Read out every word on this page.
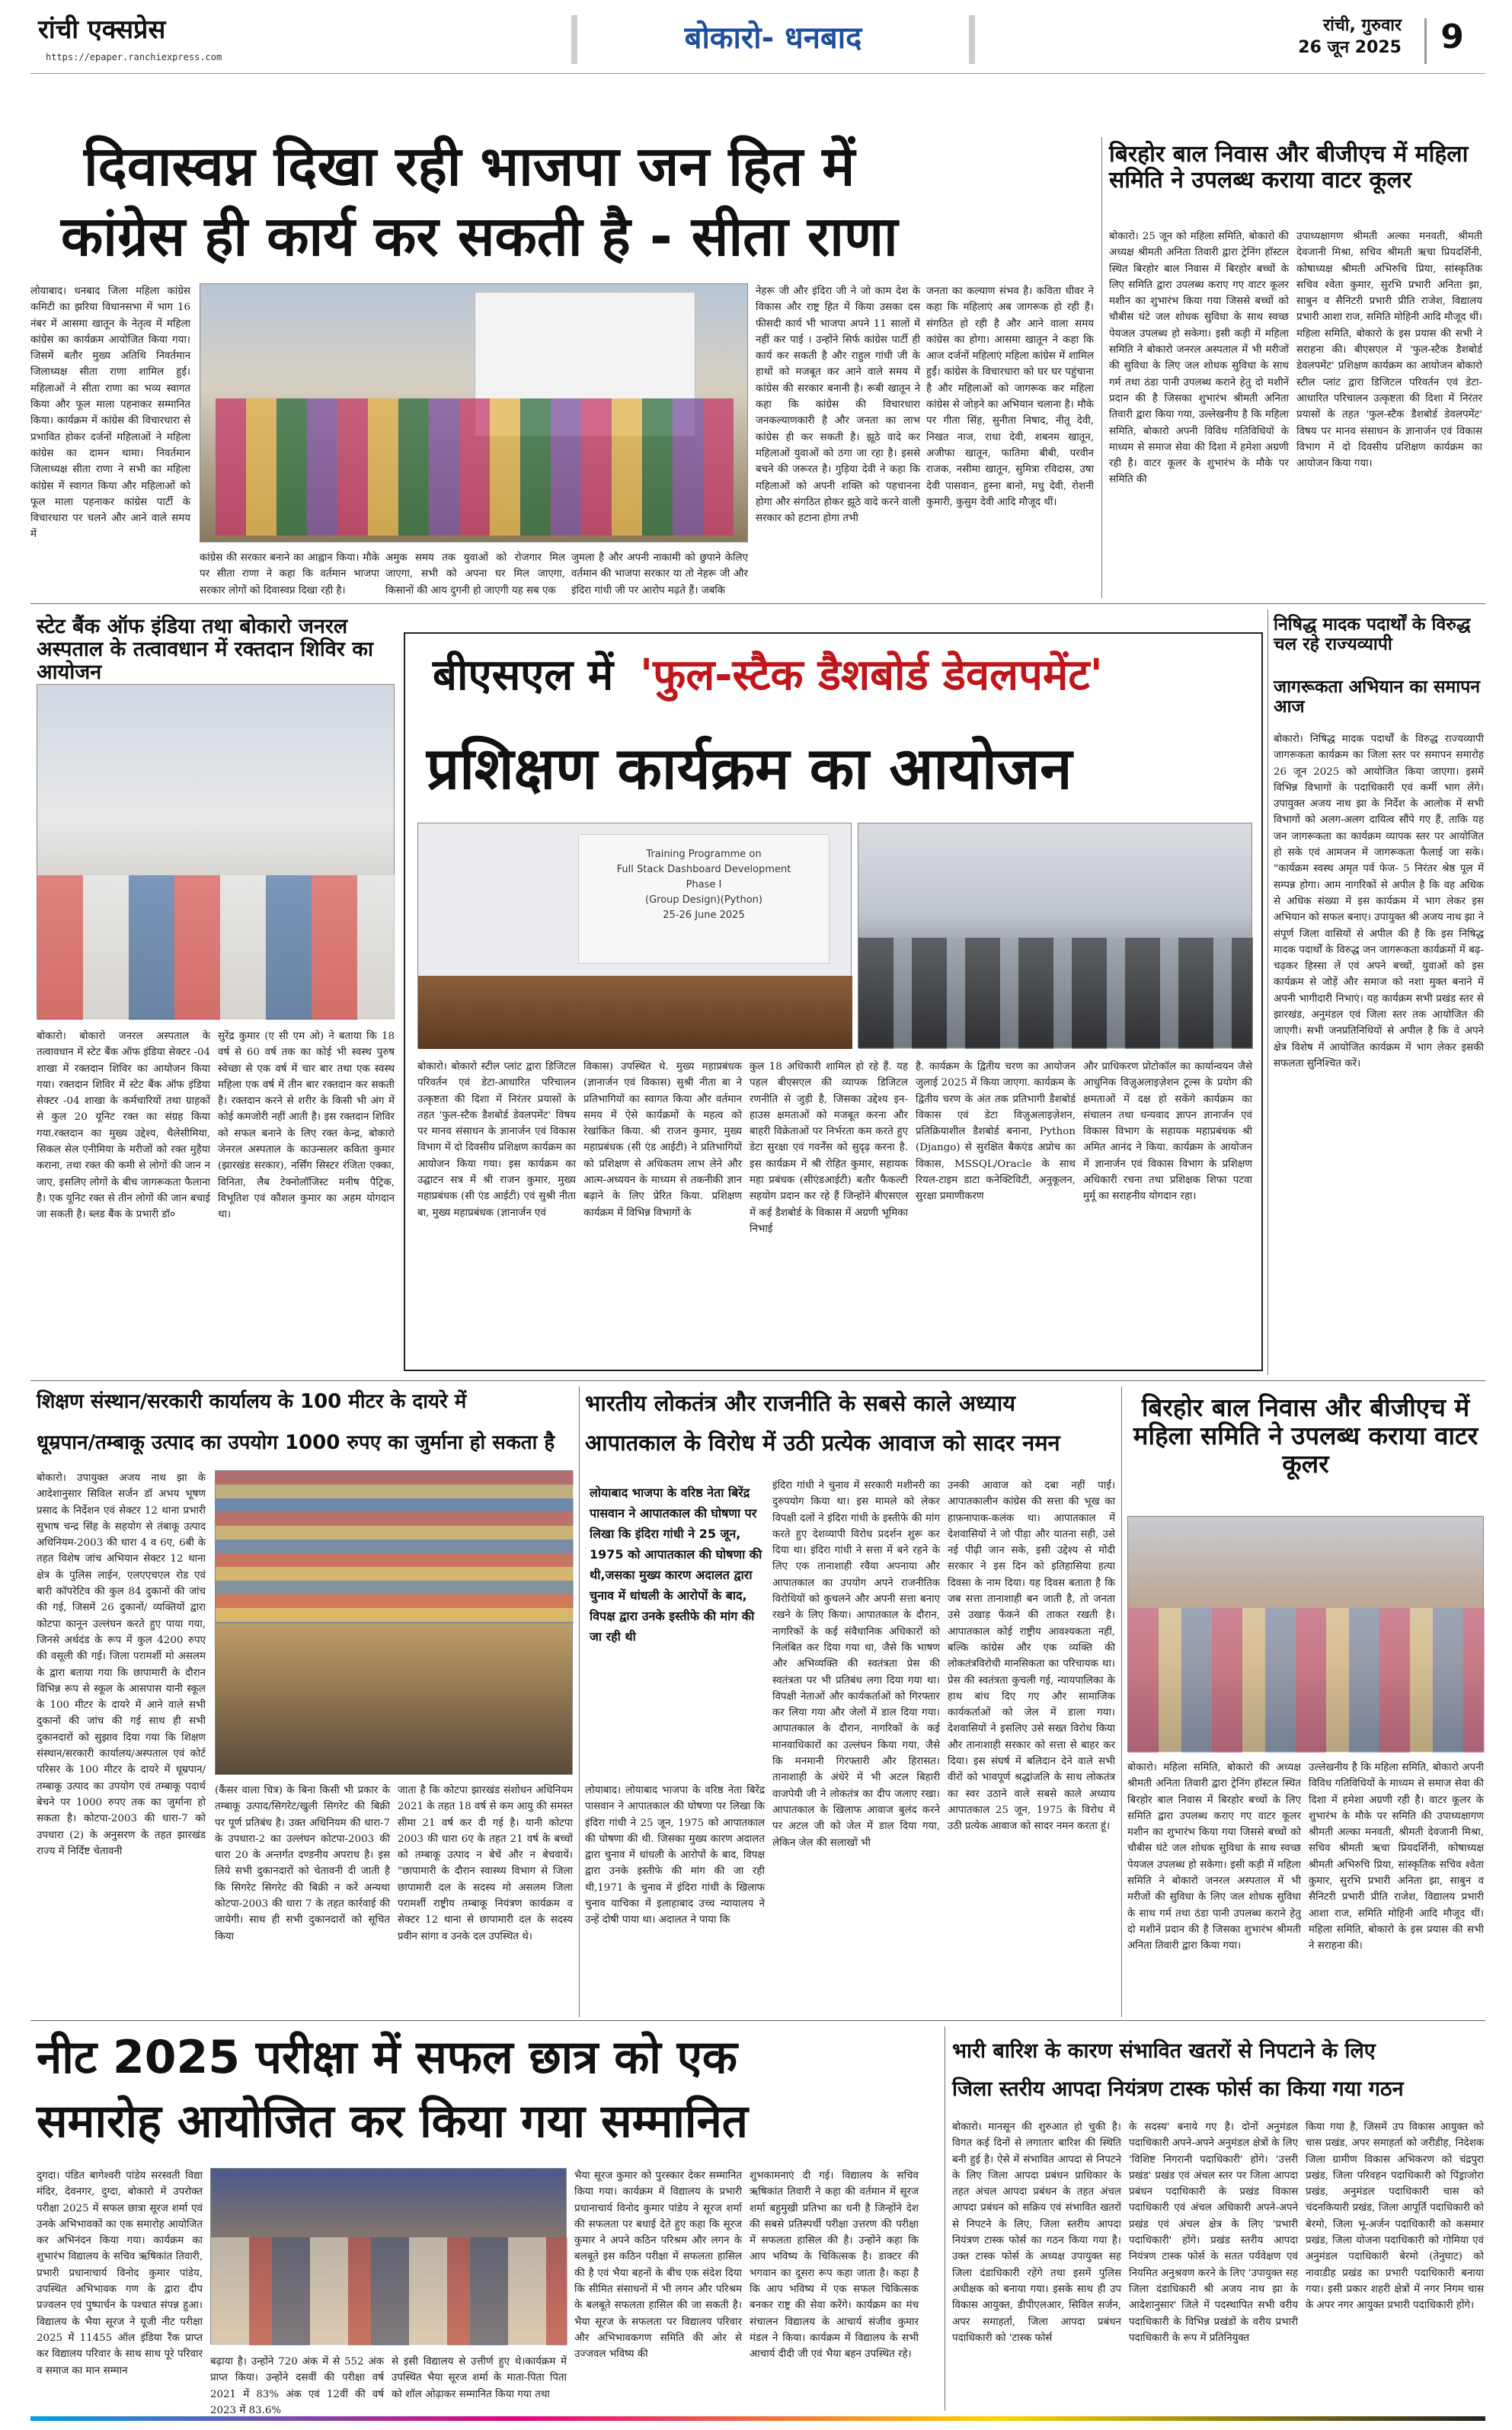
रांची एक्सप्रेस
https://epaper.ranchiexpress.com
बोकारो- धनबाद	रांची, गुरुवार
26 जून 2025	9
दिवास्वप्न दिखा रही भाजपा जन हित में
कांग्रेस ही कार्य कर सकती है - सीता राणा
लोयाबाद। धनबाद जिला महिला कांग्रेस कमिटी का झरिया विधानसभा में भाग 16 नंबर में आसमा खातून के नेतृत्व में महिला कांग्रेस का कार्यक्रम आयोजित किया गया। जिसमें बतौर मुख्य अतिथि निवर्तमान जिलाध्यक्ष सीता राणा शामिल हुई। महिलाओं ने सीता राणा का भव्य स्वागत किया और फूल माला पहनाकर सम्मानित किया। कार्यक्रम में कांग्रेस की विचारधारा से प्रभावित होकर दर्जनों महिलाओं ने महिला कांग्रेस का दामन थामा। निवर्तमान जिलाध्यक्ष सीता राणा ने सभी का महिला कांग्रेस में स्वागत किया और महिलाओं को फूल माला पहनाकर कांग्रेस पार्टी के विचारधारा पर चलने और आने वाले समय में
कांग्रेस की सरकार बनाने का आह्वान किया। मौके पर सीता राणा ने कहा कि वर्तमान भाजपा सरकार लोगों को दिवास्वप्न दिखा रही है।
अमुक समय तक युवाओं को रोजगार मिल जाएगा, सभी को अपना घर मिल जाएगा, किसानों की आय दुगनी हो जाएगी यह सब एक
जुमला है और अपनी नाकामी को छुपाने केलिए वर्तमान की भाजपा सरकार या तो नेहरू जी और इंदिरा गांधी जी पर आरोप मढ़ते हैं। जबकि
नेहरू जी और इंदिरा जी ने जो काम देश के विकास और राष्ट्र हित में किया उसका दस फीसदी कार्य भी भाजपा अपने 11 सालों में नहीं कर पाई । उन्होंने सिर्फ कांग्रेस पार्टी ही कार्य कर सकती है और राहुल गांधी जी के हाथों को मजबूत कर आने वाले समय में कांग्रेस की सरकार बनानी है। रूबी खातून ने कहा कि कांग्रेस की विचारधारा जनकल्याणकारी है और जनता का लाभ कांग्रेस ही कर सकती है। झूठे वादे कर महिलाओं युवाओं को ठगा जा रहा है। इससे बचने की जरूरत है। गुड़िया देवी ने कहा कि महिलाओं को अपनी शक्ति को पहचानना होगा और संगठित होकर झूठे वादे करने वाली सरकार को हटाना होगा तभी
जनता का कल्याण संभव है। कविता धीवर ने कहा कि महिलाएं अब जागरूक हो रही हैं। संगठित हो रही है और आने वाला समय कांग्रेस का होगा। आसमा खातून ने कहा कि आज दर्जनों महिलाएं महिला कांग्रेस में शामिल हुईं। कांग्रेस के विचारधारा को घर घर पहुंचाना है और महिलाओं को जागरूक कर महिला कांग्रेस से जोड़ने का अभियान चलाना है। मौके पर गीता सिंह, सुनीता निषाद, नीतू देवी, निखत नाज, राधा देवी, शबनम खातून, अजीफा खातून, फातिमा बीबी, परवीन राजक, नसीमा खातून, सुमित्रा रविदास, उषा देवी पासवान, हुस्ना बानो, मधु देवी, रोशनी कुमारी, कुसुम देवी आदि मौजूद थीं।
बिरहोर बाल निवास और बीजीएच में महिला समिति ने उपलब्ध कराया वाटर कूलर
बोकारो। 25 जून को महिला समिति, बोकारो की अध्यक्ष श्रीमती अनिता तिवारी द्वारा ट्रेनिंग हॉस्टल स्थित बिरहोर बाल निवास में बिरहोर बच्चों के लिए समिति द्वारा उपलब्ध कराए गए वाटर कूलर मशीन का शुभारंभ किया गया जिससे बच्चों को चौबीस घंटे जल शोधक सुविधा के साथ स्वच्छ पेयजल उपलब्ध हो सकेगा। इसी कड़ी में महिला समिति ने बोकारो जनरल अस्पताल में भी मरीजों की सुविधा के लिए जल शोधक सुविधा के साथ गर्म तथा ठंडा पानी उपलब्ध कराने हेतु दो मशीनें प्रदान की है जिसका शुभारंभ श्रीमती अनिता तिवारी द्वारा किया गया, उल्लेखनीय है कि महिला समिति, बोकारो अपनी विविध गतिविधियों के माध्यम से समाज सेवा की दिशा में हमेशा अग्रणी रही है। वाटर कूलर के शुभारंभ के मौके पर समिति की
उपाध्यक्षागण श्रीमती अल्का मनवती, श्रीमती देवजानी मिश्रा, सचिव श्रीमती ऋचा प्रियदर्शिनी, कोषाध्यक्ष श्रीमती अभिरुचि प्रिया, सांस्कृतिक सचिव श्वेता कुमार, सुरभि प्रभारी अनिता झा, साबुन व सैनिटरी प्रभारी प्रीति राजेश, विद्यालय प्रभारी आशा राज, समिति मोहिनी आदि मौजूद थीं। महिला समिति, बोकारो के इस प्रयास की सभी ने सराहना की। बीएसएल में 'फुल-स्टैक डैशबोर्ड डेवलपमेंट' प्रशिक्षण कार्यक्रम का आयोजन बोकारो स्टील प्लांट द्वारा डिजिटल परिवर्तन एवं डेटा-आधारित परिचालन उत्कृष्टता की दिशा में निरंतर प्रयासों के तहत 'फुल-स्टैक डैशबोर्ड डेवलपमेंट' विषय पर मानव संसाधन के ज्ञानार्जन एवं विकास विभाग में दो दिवसीय प्रशिक्षण कार्यक्रम का आयोजन किया गया।
स्टेट बैंक ऑफ इंडिया तथा बोकारो जनरल अस्पताल के तत्वावधान में रक्तदान शिविर का आयोजन
बोकारो। बोकारो जनरल अस्पताल के तत्वावधान में स्टेट बैंक ऑफ इंडिया सेक्टर -04 शाखा में रक्तदान शिविर का आयोजन किया गया। रक्तदान शिविर में स्टेट बैंक ऑफ इंडिया सेक्टर -04 शाखा के कर्मचारियों तथा ग्राहकों से कुल 20 यूनिट रक्त का संग्रह किया गया.रक्तदान का मुख्य उद्देश्य, थैलेसीमिया, सिकल सेल एनीमिया के मरीजों को रक्त मुहैया कराना, तथा रक्त की कमी से लोगों की जान न जाए, इसलिए लोगों के बीच जागरूकता फैलाना है। एक यूनिट रक्त से तीन लोगों की जान बचाई जा सकती है। ब्लड बैंक के प्रभारी डॉ०
सुरेंद्र कुमार (ए सी एम ओ) ने बताया कि 18 वर्ष से 60 वर्ष तक का कोई भी स्वस्थ पुरुष स्वेच्छा से एक वर्ष में चार बार तथा एक स्वस्थ महिला एक वर्ष में तीन बार रक्तदान कर सकती है। रक्तदान करने से शरीर के किसी भी अंग में कोई कमजोरी नहीं आती है। इस रक्तदान शिविर को सफल बनाने के लिए रक्त केन्द्र, बोकारो जेनरल अस्पताल के काउन्सलर कविता कुमार (झारखंड सरकार), नर्सिंग सिस्टर रंजिता एक्का, विनिता, लैब टेक्नोलॉजिस्ट मनीष पैट्रिक, विभूतिश एवं कौशल कुमार का अहम योगदान था।
बीएसएल में 'फुल-स्टैक डैशबोर्ड डेवलपमेंट'
प्रशिक्षण कार्यक्रम का आयोजन
Training Programme on
Full Stack Dashboard Development
Phase I
(Group Design)(Python)
25-26 June 2025
बोकारो। बोकारो स्टील प्लांट द्वारा डिजिटल परिवर्तन एवं डेटा-आधारित परिचालन उत्कृष्टता की दिशा में निरंतर प्रयासों के तहत 'फुल-स्टैक डैशबोर्ड डेवलपमेंट' विषय पर मानव संसाधन के ज्ञानार्जन एवं विकास विभाग में दो दिवसीय प्रशिक्षण कार्यक्रम का आयोजन किया गया। इस कार्यक्रम का उद्घाटन सत्र में श्री राजन कुमार, मुख्य महाप्रबंधक (सी एंड आईटी) एवं सुश्री नीता बा, मुख्य महाप्रबंधक (ज्ञानार्जन एवं
विकास) उपस्थित थे. मुख्य महाप्रबंधक (ज्ञानार्जन एवं विकास) सुश्री नीता बा ने प्रतिभागियों का स्वागत किया और वर्तमान समय में ऐसे कार्यक्रमों के महत्व को रेखांकित किया. श्री राजन कुमार, मुख्य महाप्रबंधक (सी एंड आईटी) ने प्रतिभागियों को प्रशिक्षण से अधिकतम लाभ लेने और आत्म-अध्ययन के माध्यम से तकनीकी ज्ञान बढ़ाने के लिए प्रेरित किया. प्रशिक्षण कार्यक्रम में विभिन्न विभागों के
कुल 18 अधिकारी शामिल हो रहे हैं. यह पहल बीएसएल की व्यापक डिजिटल रणनीति से जुड़ी है, जिसका उद्देश्य इन-हाउस क्षमताओं को मजबूत करना और बाहरी विक्रेताओं पर निर्भरता कम करते हुए डेटा सुरक्षा एवं गवर्नेंस को सुदृढ़ करना है. इस कार्यक्रम में श्री रोहित कुमार, सहायक महा प्रबंधक (सीएंडआईटी) बतौर फैकल्टी सहयोग प्रदान कर रहे हैं जिन्होंने बीएसएल में कई डैशबोर्ड के विकास में अग्रणी भूमिका निभाई
है. कार्यक्रम के द्वितीय चरण का आयोजन जुलाई 2025 में किया जाएगा. कार्यक्रम के द्वितीय चरण के अंत तक प्रतिभागी डैशबोर्ड विकास एवं डेटा विज़ुअलाइज़ेशन, प्रतिक्रियाशील डैशबोर्ड बनाना, Python (Django) से सुरक्षित बैकएंड अप्रोच का विकास, MSSQL/Oracle के साथ रियल-टाइम डाटा कनेक्टिविटी, अनुकूलन, सुरक्षा प्रमाणीकरण
और प्राधिकरण प्रोटोकॉल का कार्यान्वयन जैसे आधुनिक विज़ुअलाइज़ेशन टूल्स के प्रयोग की क्षमताओं में दक्ष हो सकेंगे कार्यक्रम का संचालन तथा धन्यवाद ज्ञापन ज्ञानार्जन एवं विकास विभाग के सहायक महाप्रबंधक श्री अमित आनंद ने किया. कार्यक्रम के आयोजन में ज्ञानार्जन एवं विकास विभाग के प्रशिक्षण अधिकारी रचना तथा प्रशिक्षक शिफा पटवा मुर्मू का सराहनीय योगदान रहा।
निषिद्ध मादक पदार्थों के विरुद्ध चल रहे राज्यव्यापी
जागरूकता अभियान का समापन आज
बोकारो। निषिद्ध मादक पदार्थों के विरुद्ध राज्यव्यापी जागरूकता कार्यक्रम का जिला स्तर पर समापन समारोह 26 जून 2025 को आयोजित किया जाएगा। इसमें विभिन्न विभागों के पदाधिकारी एवं कर्मी भाग लेंगे। उपायुक्त अजय नाथ झा के निर्देश के आलोक में सभी विभागों को अलग-अलग दायित्व सौंपे गए हैं, ताकि यह जन जागरूकता का कार्यक्रम व्यापक स्तर पर आयोजित हो सके एवं आमजन में जागरूकता फैलाई जा सके। "कार्यक्रम स्वस्थ अमृत पर्व फेज- 5 निरंतर श्रेष्ठ पूल में सम्पन्न होगा। आम नागरिकों से अपील है कि वह अधिक से अधिक संख्या में इस कार्यक्रम में भाग लेकर इस अभियान को सफल बनाए। उपायुक्त श्री अजय नाथ झा ने संपूर्ण जिला वासियों से अपील की है कि इस निषिद्ध मादक पदार्थों के विरुद्ध जन जागरूकता कार्यक्रमों में बढ़-चढ़कर हिस्सा लें एवं अपने बच्चों, युवाओं को इस कार्यक्रम से जोड़ें और समाज को नशा मुक्त बनाने में अपनी भागीदारी निभाएं। यह कार्यक्रम सभी प्रखंड स्तर से झारखंड, अनुमंडल एवं जिला स्तर तक आयोजित की जाएगी। सभी जनप्रतिनिधियों से अपील है कि वे अपने क्षेत्र विशेष में आयोजित कार्यक्रम में भाग लेकर इसकी सफलता सुनिश्चित करें।
शिक्षण संस्थान/सरकारी कार्यालय के 100 मीटर के दायरे में
धूम्रपान/तम्बाकू उत्पाद का उपयोग 1000 रुपए का जुर्माना हो सकता है
बोकारो। उपायुक्त अजय नाथ झा के आदेशानुसार सिविल सर्जन डॉ अभय भूषण प्रसाद के निर्देशन एवं सेक्टर 12 थाना प्रभारी सुभाष चन्द्र सिंह के सहयोग से तंबाकू उत्पाद अधिनियम-2003 की धारा 4 व 6ए, 6बी के तहत विशेष जांच अभियान सेक्टर 12 थाना क्षेत्र के पुलिस लाईन, एलएएचएल रोड एवं बारी कॉपरेटिव की कुल 84 दुकानों की जांच की गई, जिसमें 26 दुकानों/ व्यक्तियों द्वारा कोटपा कानून उल्लंघन करते हुए पाया गया, जिनसे अर्थदंड के रूप में कुल 4200 रुपए की वसूली की गई। जिला परामर्शी मो असलम के द्वारा बताया गया कि छापामारी के दौरान विभिन्न रूप से स्कूल के आसपास यानी स्कूल के 100 मीटर के दायरे में आने वाले सभी दुकानों की जांच की गई साथ ही सभी दुकानदारों को सुझाव दिया गया कि शिक्षण संस्थान/सरकारी कार्यालय/अस्पताल एवं कोर्ट परिसर के 100 मीटर के दायरे में धूम्रपान/तम्बाकू उत्पाद का उपयोग एवं तम्बाकू पदार्थ बेचने पर 1000 रुपए तक का जुर्माना हो सकता है। कोटपा-2003 की धारा-7 को उपधारा (2) के अनुसरण के तहत झारखंड राज्य में निर्दिष्ट चेतावनी
(कैंसर वाला चित्र) के बिना किसी भी प्रकार के तम्बाकू उत्पाद/सिगरेट/खुली सिगरेट की बिक्री पर पूर्ण प्रतिबंध है। उक्त अधिनियम की धारा-7 के उपधारा-2 का उल्लंघन कोटपा-2003 की धारा 20 के अन्तर्गत दण्डनीय अपराध है। इस लिये सभी दुकानदारों को चेतावनी दी जाती है कि सिगरेट सिगरेट की बिक्री न करें अन्यथा कोटपा-2003 की धारा 7 के तहत कार्रवाई की जायेगी। साथ ही सभी दुकानदारों को सूचित किया
जाता है कि कोटपा झारखंड संशोधन अधिनियम 2021 के तहत 18 वर्ष से कम आयु की समस्त सीमा 21 वर्ष कर दी गई है। यानी कोटपा 2003 की धारा 6ए के तहत 21 वर्ष के बच्चों को तम्बाकू उत्पाद न बेचें और न बेचवायें। "छापामारी के दौरान स्वास्थ्य विभाग से जिला छापामारी दल के सदस्य मो असलम जिला परामर्शी राष्ट्रीय तम्बाकू नियंत्रण कार्यक्रम व सेक्टर 12 थाना से छापामारी दल के सदस्य प्रवीन सांगा व उनके दल उपस्थित थे।
भारतीय लोकतंत्र और राजनीति के सबसे काले अध्याय
आपातकाल के विरोध में उठी प्रत्येक आवाज को सादर नमन
लोयाबाद भाजपा के वरिष्ठ नेता बिरेंद्र पासवान ने आपातकाल की घोषणा पर लिखा कि इंदिरा गांधी ने 25 जून, 1975 को आपातकाल की घोषणा की थी,जसका मुख्य कारण अदालत द्वारा चुनाव में धांधली के आरोपों के बाद, विपक्ष द्वारा उनके इस्तीफे की मांग की जा रही थी
लोयाबाद। लोयाबाद भाजपा के वरिष्ठ नेता बिरेंद्र पासवान ने आपातकाल की घोषणा पर लिखा कि इंदिरा गांधी ने 25 जून, 1975 को आपातकाल की घोषणा की थी. जिसका मुख्य कारण अदालत द्वारा चुनाव में धांधली के आरोपों के बाद, विपक्ष द्वारा उनके इस्तीफे की मांग की जा रही थी,1971 के चुनाव में इंदिरा गांधी के खिलाफ चुनाव याचिका में इलाहाबाद उच्च न्यायालय ने उन्हें दोषी पाया था। अदालत ने पाया कि
इंदिरा गांधी ने चुनाव में सरकारी मशीनरी का दुरुपयोग किया था। इस मामले को लेकर विपक्षी दलों ने इंदिरा गांधी के इस्तीफे की मांग करते हुए देशव्यापी विरोध प्रदर्शन शुरू कर दिया था। इंदिरा गांधी ने सत्ता में बने रहने के लिए एक तानाशाही रवैया अपनाया और आपातकाल का उपयोग अपने राजनीतिक विरोधियों को कुचलने और अपनी सत्ता बनाए रखने के लिए किया। आपातकाल के दौरान, नागरिकों के कई संवैधानिक अधिकारों को निलंबित कर दिया गया था, जैसे कि भाषण और अभिव्यक्ति की स्वतंत्रता प्रेस की स्वतंत्रता पर भी प्रतिबंध लगा दिया गया था। विपक्षी नेताओं और कार्यकर्ताओं को गिरफ्तार कर लिया गया और जेलों में डाल दिया गया। आपातकाल के दौरान, नागरिकों के कई मानवाधिकारों का उल्लंघन किया गया, जैसे कि मनमानी गिरफ्तारी और हिरासत। तानाशाही के अंधेरे में भी अटल बिहारी वाजपेयी जी ने लोकतंत्र का दीप जलाए रखा। आपातकाल के खिलाफ आवाज बुलंद करने पर अटल जी को जेल में डाल दिया गया, लेकिन जेल की सलाखों भी
उनकी आवाज को दबा नहीं पाईं। आपातकालीन कांग्रेस की सत्ता की भूख का हाफ़नापाक-कलंक था। आपातकाल में देशवासियों ने जो पीड़ा और यातना सही, उसे नई पीढ़ी जान सके, इसी उद्देश्य से मोदी सरकार ने इस दिन को इतिहासिया हत्या दिवसा के नाम दिया। यह दिवस बताता है कि जब सत्ता तानाशाही बन जाती है, तो जनता उसे उखाड़ फेंकने की ताकत रखती है। आपातकाल कोई राष्ट्रीय आवश्यकता नहीं, बल्कि कांग्रेस और एक व्यक्ति की लोकतंत्रविरोधी मानसिकता का परिचायक था। प्रेस की स्वतंत्रता कुचली गई, न्यायपालिका के हाथ बांध दिए गए और सामाजिक कार्यकर्ताओं को जेल में डाला गया। देशवासियों ने इसलिए उसे सख्त विरोध किया और तानाशाही सरकार को सत्ता से बाहर कर दिया। इस संघर्ष में बलिदान देने वाले सभी वीरों को भावपूर्ण श्रद्धांजलि के साथ लोकतंत्र का स्वर उठाने वाले सबसे काले अध्याय आपातकाल 25 जून, 1975 के विरोध में उठी प्रत्येक आवाज को सादर नमन करता हूं।
बिरहोर बाल निवास और बीजीएच में महिला समिति ने उपलब्ध कराया वाटर कूलर
बोकारो। महिला समिति, बोकारो की अध्यक्ष श्रीमती अनिता तिवारी द्वारा ट्रेनिंग हॉस्टल स्थित बिरहोर बाल निवास में बिरहोर बच्चों के लिए समिति द्वारा उपलब्ध कराए गए वाटर कूलर मशीन का शुभारंभ किया गया जिससे बच्चों को चौबीस घंटे जल शोधक सुविधा के साथ स्वच्छ पेयजल उपलब्ध हो सकेगा। इसी कड़ी में महिला समिति ने बोकारो जनरल अस्पताल में भी मरीजों की सुविधा के लिए जल शोधक सुविधा के साथ गर्म तथा ठंडा पानी उपलब्ध कराने हेतु दो मशीनें प्रदान की है जिसका शुभारंभ श्रीमती अनिता तिवारी द्वारा किया गया।
उल्लेखनीय है कि महिला समिति, बोकारो अपनी विविध गतिविधियों के माध्यम से समाज सेवा की दिशा में हमेशा अग्रणी रही है। वाटर कूलर के शुभारंभ के मौके पर समिति की उपाध्यक्षागण श्रीमती अल्का मनवती, श्रीमती देवजानी मिश्रा, सचिव श्रीमती ऋचा प्रियदर्शिनी, कोषाध्यक्ष श्रीमती अभिरुचि प्रिया, सांस्कृतिक सचिव श्वेता कुमार, सुरभि प्रभारी अनिता झा, साबुन व सैनिटरी प्रभारी प्रीति राजेश, विद्यालय प्रभारी आशा राज, समिति मोहिनी आदि मौजूद थीं। महिला समिति, बोकारो के इस प्रयास की सभी ने सराहना की।
नीट 2025 परीक्षा में सफल छात्र को एक
समारोह आयोजित कर किया गया सम्मानित
दुगदा। पंडित बागेश्वरी पांडेय सरस्वती विद्या मंदिर, देवनगर, दुग्दा, बोकारो में उपरोक्त परीक्षा 2025 में सफल छात्रा सूरज शर्मा एवं उनके अभिभावकों का एक समारोह आयोजित कर अभिनंदन किया गया। कार्यक्रम का शुभारंभ विद्यालय के सचिव ऋषिकांत तिवारी, प्रभारी प्रधानाचार्य विनोद कुमार पांडेय, उपस्थित अभिभावक गण के द्वारा दीप प्रज्वलन एवं पुष्पार्चन के पश्चात संपन्न हुआ। विद्यालय के भैया सूरज ने यूजी नीट परीक्षा 2025 में 11455 ऑल इंडिया रैंक प्राप्त कर विद्यालय परिवार के साथ साथ पूरे परिवार व समाज का मान सम्मान
बढ़ाया है। उन्होंने 720 अंक में से 552 अंक प्राप्त किया। उन्होंने दसवीं की परीक्षा वर्ष 2021 में 83% अंक एवं 12वीं की वर्ष 2023 में 83.6%
से इसी विद्यालय से उत्तीर्ण हुए थे।कार्यक्रम में उपस्थित भैया सूरज शर्मा के माता-पिता पिता को शॉल ओढ़ाकर सम्मानित किया गया तथा
भैया सूरज कुमार को पुरस्कार देकर सम्मानित किया गया। कार्यक्रम में विद्यालय के प्रभारी प्रधानाचार्य विनोद कुमार पांडेय ने सूरज शर्मा की सफलता पर बधाई देते हुए कहा कि सूरज कुमार ने अपने कठिन परिश्रम और लगन के बलबूते इस कठिन परीक्षा में सफलता हासिल की है एवं भैया बहनों के बीच एक संदेश दिया कि सीमित संसाधनों में भी लगन और परिश्रम के बलबूते सफलता हासिल की जा सकती है। भैया सूरज के सफलता पर विद्यालय परिवार और अभिभावकगण समिति की ओर से उज्जवल भविष्य की
शुभकामनाएं दी गई। विद्यालय के सचिव ऋषिकांत तिवारी ने कहा की वर्तमान में सूरज शर्मा बहुमुखी प्रतिभा का धनी है जिन्होंने देश की सबसे प्रतिस्पर्धी परीक्षा उत्तरण की परीक्षा में सफलता हासिल की है। उन्होंने कहा कि आप भविष्य के चिकित्सक है। डाक्टर की भगवान का दूसरा रूप कहा जाता है। कहा है कि आप भविष्य में एक सफल चिकित्सक बनकर राष्ट्र की सेवा करेंगे। कार्यक्रम का मंच संचालन विद्यालय के आचार्य संजीव कुमार मंडल ने किया। कार्यक्रम में विद्यालय के सभी आचार्य दीदी जी एवं भैया बहन उपस्थित रहे।
भारी बारिश के कारण संभावित खतरों से निपटाने के लिए
जिला स्तरीय आपदा नियंत्रण टास्क फोर्स का किया गया गठन
बोकारो। मानसून की शुरुआत हो चुकी है। विगत कई दिनों से लगातार बारिश की स्थिति बनी हुई है। ऐसे में संभावित आपदा से निपटने के लिए जिला आपदा प्रबंधन प्राधिकार के तहत अंचल आपदा प्रबंधन के तहत अंचल आपदा प्रबंधन को सक्रिय एवं संभावित खतरों से निपटने के लिए, जिला स्तरीय आपदा नियंत्रण टास्क फोर्स का गठन किया गया है। उक्त टास्क फोर्स के अध्यक्ष उपायुक्त सह जिला दंडाधिकारी रहेंगे तथा इसमें पुलिस अधीक्षक को बनाया गया। इसके साथ ही उप विकास आयुक्त, डीपीएलआर, सिविल सर्जन, अपर समाहर्ता, जिला आपदा प्रबंधन पदाधिकारी को 'टास्क फोर्स
के सदस्य' बनाये गए है। दोनों अनुमंडल पदाधिकारी अपने-अपने अनुमंडल क्षेत्रों के लिए 'विशिष्ट निगरानी पदाधिकारी' होंगे। 'उत्तरी प्रखंड' प्रखंड एवं अंचल स्तर पर जिला आपदा प्रबंधन पदाधिकारी के प्रखंड विकास पदाधिकारी एवं अंचल अधिकारी अपने-अपने प्रखंड एवं अंचल क्षेत्र के लिए 'प्रभारी पदाधिकारी' होंगे। प्रखंड स्तरीय आपदा नियंत्रण टास्क फोर्स के सतत पर्यवेक्षण एवं नियमित अनुश्रवण करने के लिए 'उपायुक्त सह जिला दंडाधिकारी श्री अजय नाथ झा के आदेशानुसार' जिले में पदस्थापित सभी वरीय पदाधिकारी के विभिन्न प्रखंडों के वरीय प्रभारी पदाधिकारी के रूप में प्रतिनियुक्त
किया गया है, जिसमें उप विकास आयुक्त को चास प्रखंड, अपर समाहर्ता को जरीडीह, निदेशक जिला ग्रामीण विकास अभिकरण को चंद्रपुरा प्रखंड, जिला परिवहन पदाधिकारी को पिंड्राजोरा प्रखंड, अनुमंडल पदाधिकारी चास को चंदनकियारी प्रखंड, जिला आपूर्ति पदाधिकारी को बेरमो, जिला भू-अर्जन पदाधिकारी को कसमार प्रखंड, जिला योजना पदाधिकारी को गोमिया एवं अनुमंडल पदाधिकारी बेरमो (तेनुघाट) को नावाडीह प्रखंड का प्रभारी पदाधिकारी बनाया गया। इसी प्रकार शहरी क्षेत्रों में नगर निगम चास के अपर नगर आयुक्त प्रभारी पदाधिकारी होंगे।
